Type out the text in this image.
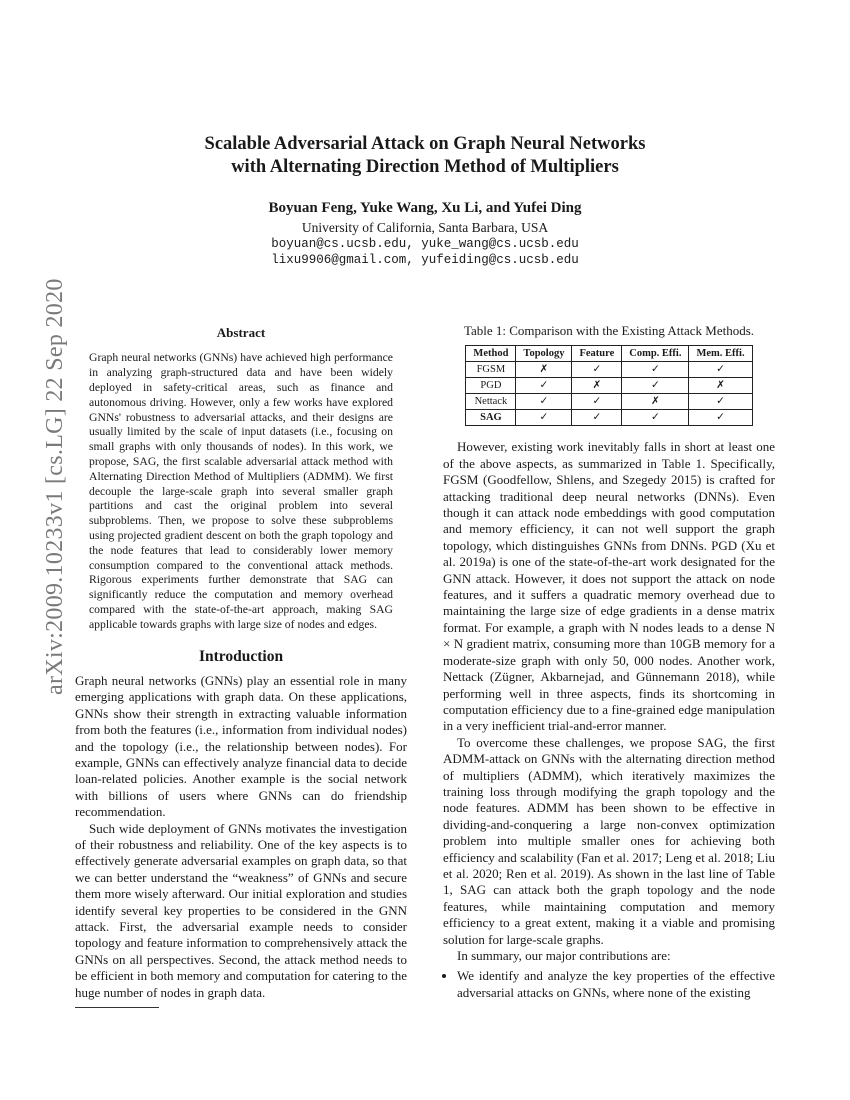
arXiv:2009.10233v1 [cs.LG] 22 Sep 2020
Scalable Adversarial Attack on Graph Neural Networks
with Alternating Direction Method of Multipliers
Boyuan Feng, Yuke Wang, Xu Li, and Yufei Ding
University of California, Santa Barbara, USA
boyuan@cs.ucsb.edu, yuke_wang@cs.ucsb.edu
lixu9906@gmail.com, yufeiding@cs.ucsb.edu
Abstract

Graph neural networks (GNNs) have achieved high performance in analyzing graph-structured data and have been widely deployed in safety-critical areas, such as finance and autonomous driving. However, only a few works have explored GNNs' robustness to adversarial attacks, and their designs are usually limited by the scale of input datasets (i.e., focusing on small graphs with only thousands of nodes). In this work, we propose, SAG, the first scalable adversarial attack method with Alternating Direction Method of Multipliers (ADMM). We first decouple the large-scale graph into several smaller graph partitions and cast the original problem into several subproblems. Then, we propose to solve these subproblems using projected gradient descent on both the graph topology and the node features that lead to considerably lower memory consumption compared to the conventional attack methods. Rigorous experiments further demonstrate that SAG can significantly reduce the computation and memory overhead compared with the state-of-the-art approach, making SAG applicable towards graphs with large size of nodes and edges.

Introduction

Graph neural networks (GNNs) play an essential role in many emerging applications with graph data. On these applications, GNNs show their strength in extracting valuable information from both the features (i.e., information from individual nodes) and the topology (i.e., the relationship between nodes). For example, GNNs can effectively analyze financial data to decide loan-related policies. Another example is the social network with billions of users where GNNs can do friendship recommendation.

Such wide deployment of GNNs motivates the investigation of their robustness and reliability. One of the key aspects is to effectively generate adversarial examples on graph data, so that we can better understand the “weakness” of GNNs and secure them more wisely afterward. Our initial exploration and studies identify several key properties to be considered in the GNN attack. First, the adversarial example needs to consider topology and feature information to comprehensively attack the GNNs on all perspectives. Second, the attack method needs to be efficient in both memory and computation for catering to the huge number of nodes in graph data.

Table 1: Comparison with the Existing Attack Methods.
Method	Topology	Feature	Comp. Effi.	Mem. Effi.
FGSM	✗	✓	✓	✓
PGD	✓	✗	✓	✗
Nettack	✓	✓	✗	✓
SAG	✓	✓	✓	✓

However, existing work inevitably falls in short at least one of the above aspects, as summarized in Table 1. Specifically, FGSM (Goodfellow, Shlens, and Szegedy 2015) is crafted for attacking traditional deep neural networks (DNNs). Even though it can attack node embeddings with good computation and memory efficiency, it can not well support the graph topology, which distinguishes GNNs from DNNs. PGD (Xu et al. 2019a) is one of the state-of-the-art work designated for the GNN attack. However, it does not support the attack on node features, and it suffers a quadratic memory overhead due to maintaining the large size of edge gradients in a dense matrix format. For example, a graph with N nodes leads to a dense N × N gradient matrix, consuming more than 10GB memory for a moderate-size graph with only 50, 000 nodes. Another work, Nettack (Zügner, Akbarnejad, and Günnemann 2018), while performing well in three aspects, finds its shortcoming in computation efficiency due to a fine-grained edge manipulation in a very inefficient trial-and-error manner.

To overcome these challenges, we propose SAG, the first ADMM-attack on GNNs with the alternating direction method of multipliers (ADMM), which iteratively maximizes the training loss through modifying the graph topology and the node features. ADMM has been shown to be effective in dividing-and-conquering a large non-convex optimization problem into multiple smaller ones for achieving both efficiency and scalability (Fan et al. 2017; Leng et al. 2018; Liu et al. 2020; Ren et al. 2019). As shown in the last line of Table 1, SAG can attack both the graph topology and the node features, while maintaining computation and memory efficiency to a great extent, making it a viable and promising solution for large-scale graphs.

In summary, our major contributions are:

• We identify and analyze the key properties of the effective adversarial attacks on GNNs, where none of the existing
